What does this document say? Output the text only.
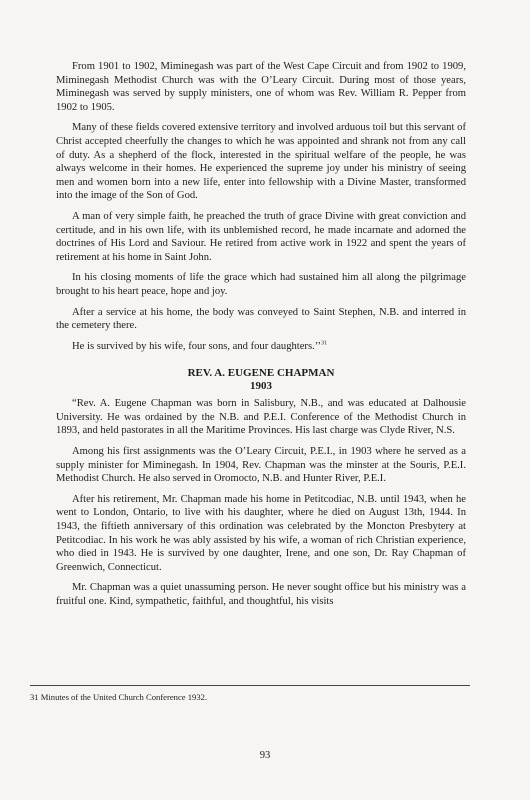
From 1901 to 1902, Miminegash was part of the West Cape Circuit and from 1902 to 1909, Miminegash Methodist Church was with the O’Leary Circuit. During most of those years, Miminegash was served by supply ministers, one of whom was Rev. William R. Pepper from 1902 to 1905.

Many of these fields covered extensive territory and involved arduous toil but this servant of Christ accepted cheerfully the changes to which he was appointed and shrank not from any call of duty. As a shepherd of the flock, interested in the spiritual welfare of the people, he was always welcome in their homes. He experienced the supreme joy under his ministry of seeing men and women born into a new life, enter into fellowship with a Divine Master, transformed into the image of the Son of God.

A man of very simple faith, he preached the truth of grace Divine with great conviction and certitude, and in his own life, with its unblemished record, he made incarnate and adorned the doctrines of His Lord and Saviour. He retired from active work in 1922 and spent the years of retirement at his home in Saint John.

In his closing moments of life the grace which had sustained him all along the pilgrimage brought to his heart peace, hope and joy.

After a service at his home, the body was conveyed to Saint Stephen, N.B. and interred in the cemetery there.

He is survived by his wife, four sons, and four daughters.’’$^{31}$

REV. A. EUGENE CHAPMAN
1903

“Rev. A. Eugene Chapman was born in Salisbury, N.B., and was educated at Dalhousie University. He was ordained by the N.B. and P.E.I. Conference of the Methodist Church in 1893, and held pastorates in all the Maritime Provinces. His last charge was Clyde River, N.S.

Among his first assignments was the O’Leary Circuit, P.E.I., in 1903 where he served as a supply minister for Miminegash. In 1904, Rev. Chapman was the minster at the Souris, P.E.I. Methodist Church. He also served in Oromocto, N.B. and Hunter River, P.E.I.

After his retirement, Mr. Chapman made his home in Petitcodiac, N.B. until 1943, when he went to London, Ontario, to live with his daughter, where he died on August 13th, 1944. In 1943, the fiftieth anniversary of this ordination was celebrated by the Moncton Presbytery at Petitcodiac. In his work he was ably assisted by his wife, a woman of rich Christian experience, who died in 1943. He is survived by one daughter, Irene, and one son, Dr. Ray Chapman of Greenwich, Connecticut.

Mr. Chapman was a quiet unassuming person. He never sought office but his ministry was a fruitful one. Kind, sympathetic, faithful, and thoughtful, his visits

31 Minutes of the United Church Conference 1932.
93
